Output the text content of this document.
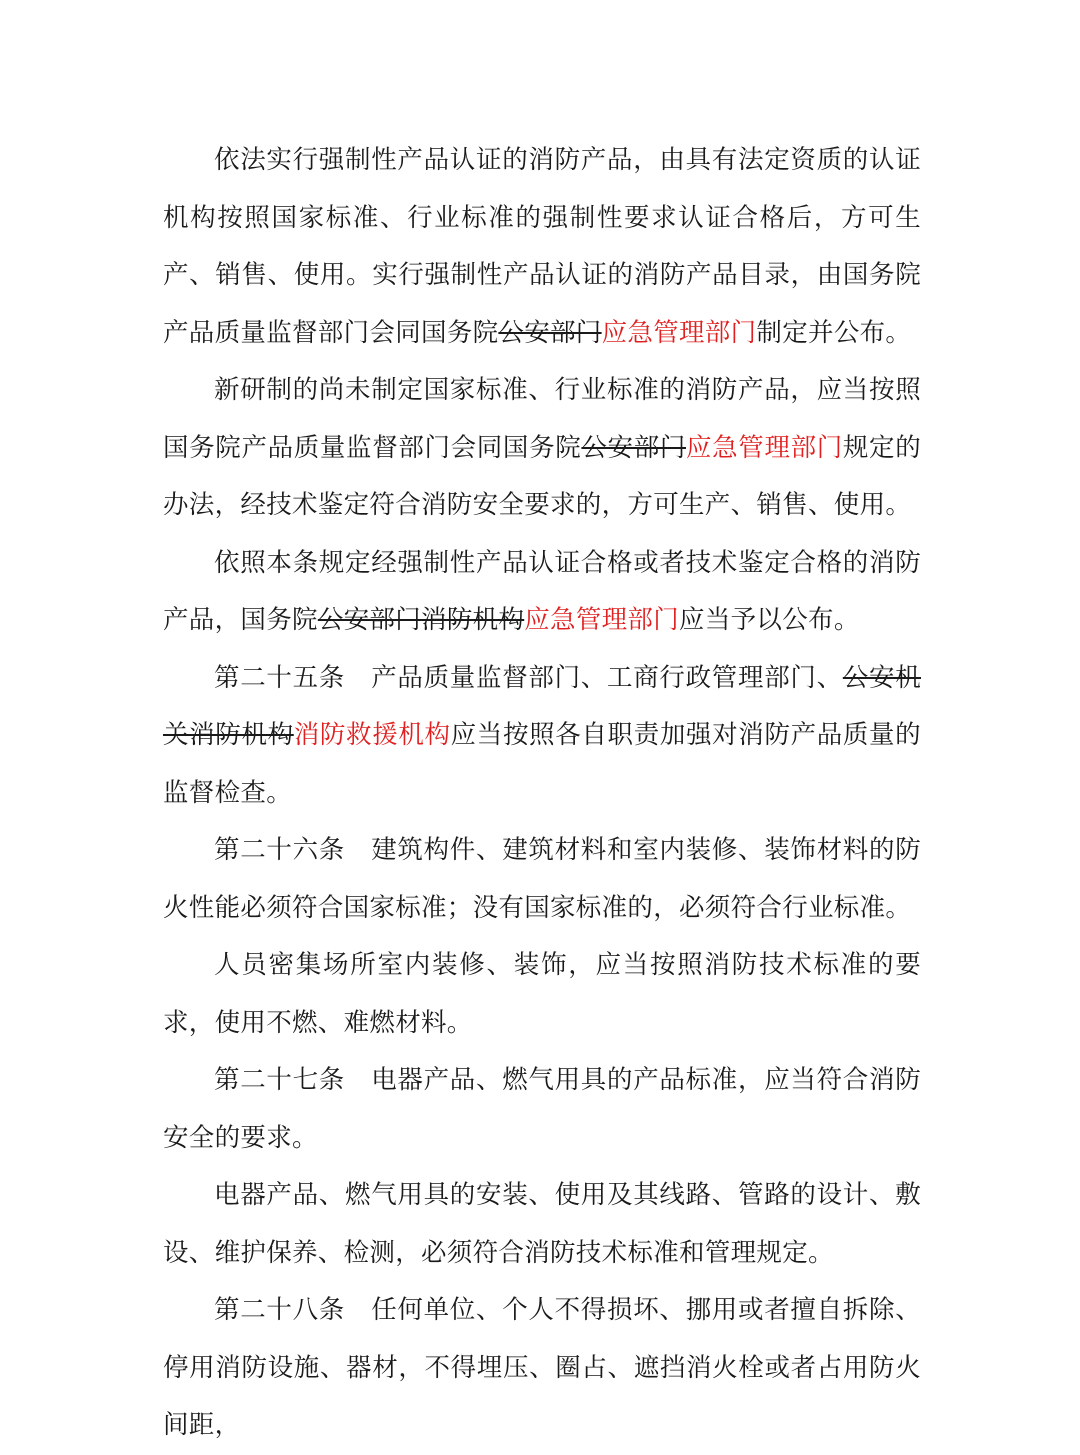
依法实行强制性产品认证的消防产品，由具有法定资质的认证机构按照国家标准、行业标准的强制性要求认证合格后，方可生产、销售、使用。实行强制性产品认证的消防产品目录，由国务院产品质量监督部门会同国务院公安部门应急管理部门制定并公布。

新研制的尚未制定国家标准、行业标准的消防产品，应当按照国务院产品质量监督部门会同国务院公安部门应急管理部门规定的办法，经技术鉴定符合消防安全要求的，方可生产、销售、使用。

依照本条规定经强制性产品认证合格或者技术鉴定合格的消防产品，国务院公安部门消防机构应急管理部门应当予以公布。

第二十五条　产品质量监督部门、工商行政管理部门、公安机关消防机构消防救援机构应当按照各自职责加强对消防产品质量的监督检查。

第二十六条　建筑构件、建筑材料和室内装修、装饰材料的防火性能必须符合国家标准；没有国家标准的，必须符合行业标准。

人员密集场所室内装修、装饰，应当按照消防技术标准的要求，使用不燃、难燃材料。

第二十七条　电器产品、燃气用具的产品标准，应当符合消防安全的要求。

电器产品、燃气用具的安装、使用及其线路、管路的设计、敷设、维护保养、检测，必须符合消防技术标准和管理规定。

第二十八条　任何单位、个人不得损坏、挪用或者擅自拆除、停用消防设施、器材，不得埋压、圈占、遮挡消火栓或者占用防火间距，
